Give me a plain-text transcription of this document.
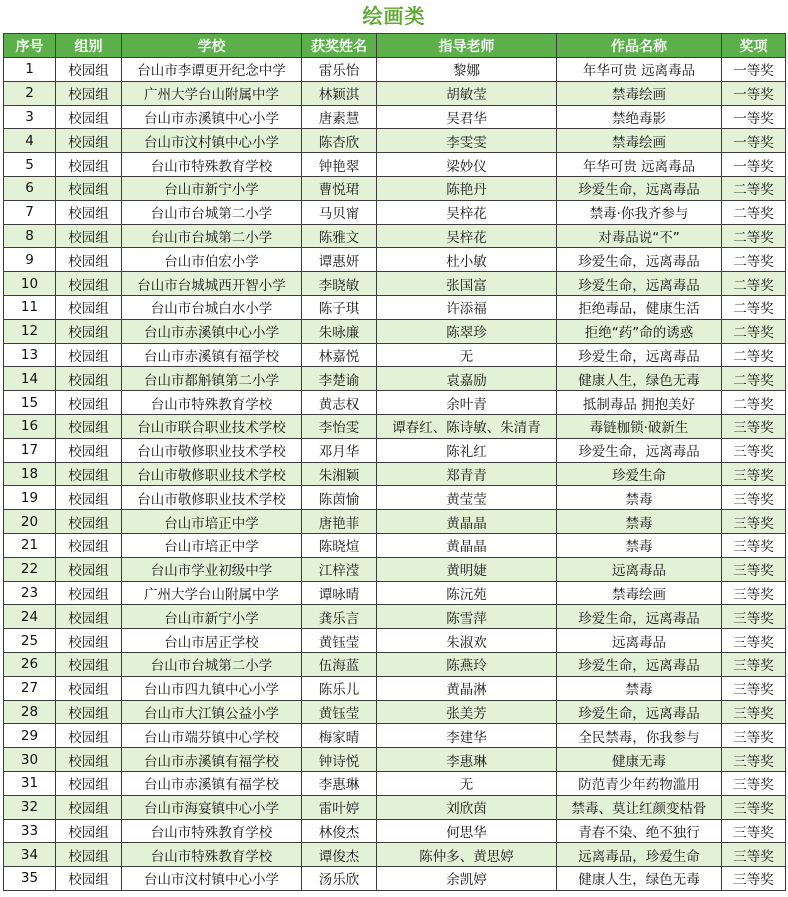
绘画类
序号	组别	学校	获奖姓名	指导老师	作品名称	奖项
1	校园组	台山市李谭更开纪念中学	雷乐怡	黎娜	年华可贵 远离毒品	一等奖
2	校园组	广州大学台山附属中学	林颖淇	胡敏莹	禁毒绘画	一等奖
3	校园组	台山市赤溪镇中心小学	唐素慧	吴君华	禁绝毒影	一等奖
4	校园组	台山市汶村镇中心小学	陈杏欣	李雯雯	禁毒绘画	一等奖
5	校园组	台山市特殊教育学校	钟艳翠	梁妙仪	年华可贵 远离毒品	一等奖
6	校园组	台山市新宁小学	曹悦珺	陈艳丹	珍爱生命，远离毒品	二等奖
7	校园组	台山市台城第二小学	马贝甯	吴梓花	禁毒·你我齐参与	二等奖
8	校园组	台山市台城第二小学	陈雅文	吴梓花	对毒品说“不”	二等奖
9	校园组	台山市伯宏小学	谭惠妍	杜小敏	珍爱生命，远离毒品	二等奖
10	校园组	台山市台城城西开智小学	李晓敏	张国富	珍爱生命，远离毒品	二等奖
11	校园组	台山市台城白水小学	陈子琪	许添福	拒绝毒品，健康生活	二等奖
12	校园组	台山市赤溪镇中心小学	朱咏廉	陈翠珍	拒绝“药”命的诱惑	二等奖
13	校园组	台山市赤溪镇有福学校	林嘉悦	无	珍爱生命，远离毒品	二等奖
14	校园组	台山市都斛镇第二小学	李楚谕	袁嘉励	健康人生，绿色无毒	二等奖
15	校园组	台山市特殊教育学校	黄志权	余叶青	抵制毒品 拥抱美好	二等奖
16	校园组	台山市联合职业技术学校	李怡雯	谭春红、陈诗敏、朱清青	毒链枷锁·破新生	三等奖
17	校园组	台山市敬修职业技术学校	邓月华	陈礼红	珍爱生命，远离毒品	三等奖
18	校园组	台山市敬修职业技术学校	朱湘颖	郑青青	珍爱生命	三等奖
19	校园组	台山市敬修职业技术学校	陈茵愉	黄莹莹	禁毒	三等奖
20	校园组	台山市培正中学	唐艳菲	黄晶晶	禁毒	三等奖
21	校园组	台山市培正中学	陈晓煊	黄晶晶	禁毒	三等奖
22	校园组	台山市学业初级中学	江梓滢	黄明婕	远离毒品	三等奖
23	校园组	广州大学台山附属中学	谭咏晴	陈沅苑	禁毒绘画	三等奖
24	校园组	台山市新宁小学	龚乐言	陈雪萍	珍爱生命，远离毒品	三等奖
25	校园组	台山市居正学校	黄钰莹	朱淑欢	远离毒品	三等奖
26	校园组	台山市台城第二小学	伍海蓝	陈燕玲	珍爱生命，远离毒品	三等奖
27	校园组	台山市四九镇中心小学	陈乐儿	黄晶淋	禁毒	三等奖
28	校园组	台山市大江镇公益小学	黄钰莹	张美芳	珍爱生命，远离毒品	三等奖
29	校园组	台山市端芬镇中心学校	梅家晴	李建华	全民禁毒，你我参与	三等奖
30	校园组	台山市赤溪镇有福学校	钟诗悦	李惠琳	健康无毒	三等奖
31	校园组	台山市赤溪镇有福学校	李惠琳	无	防范青少年药物滥用	三等奖
32	校园组	台山市海宴镇中心小学	雷叶婷	刘欣茵	禁毒、莫让红颜变枯骨	三等奖
33	校园组	台山市特殊教育学校	林俊杰	何思华	青春不染、绝不独行	三等奖
34	校园组	台山市特殊教育学校	谭俊杰	陈仲多、黄思婷	远离毒品，珍爱生命	三等奖
35	校园组	台山市汶村镇中心小学	汤乐欣	余凯婷	健康人生，绿色无毒	三等奖
